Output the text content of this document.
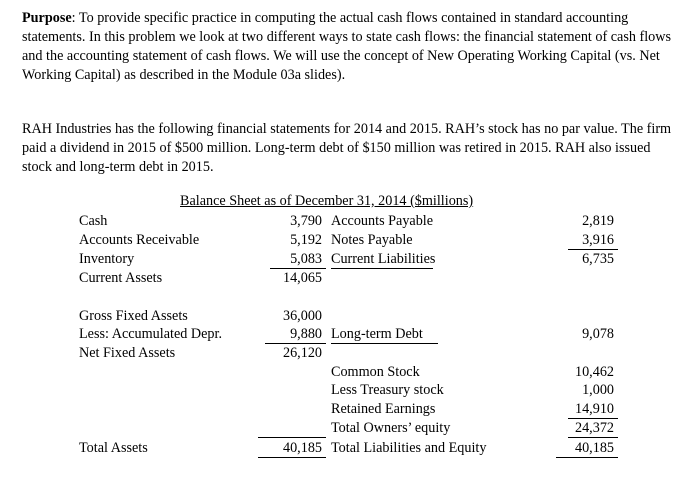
Purpose: To provide specific practice in computing the actual cash flows contained in standard accounting statements. In this problem we look at two different ways to state cash flows: the financial statement of cash flows and the accounting statement of cash flows. We will use the concept of New Operating Working Capital (vs. Net Working Capital) as described in the Module 03a slides).
RAH Industries has the following financial statements for 2014 and 2015. RAH’s stock has no par value. The firm paid a dividend in 2015 of $500 million. Long-term debt of $150 million was retired in 2015. RAH also issued stock and long-term debt in 2015.
Balance Sheet as of December 31, 2014 ($millions)
Cash
Accounts Receivable
Inventory
Current Assets
Gross Fixed Assets
Less: Accumulated Depr.
Net Fixed Assets
Total Assets
3,790
5,192
5,083
14,065
36,000
9,880
26,120
40,185
Accounts Payable
Notes Payable
Current Liabilities
Long-term Debt
Common Stock
Less Treasury stock
Retained Earnings
Total Owners’ equity
Total Liabilities and Equity
2,819
3,916
6,735
9,078
10,462
1,000
14,910
24,372
40,185
